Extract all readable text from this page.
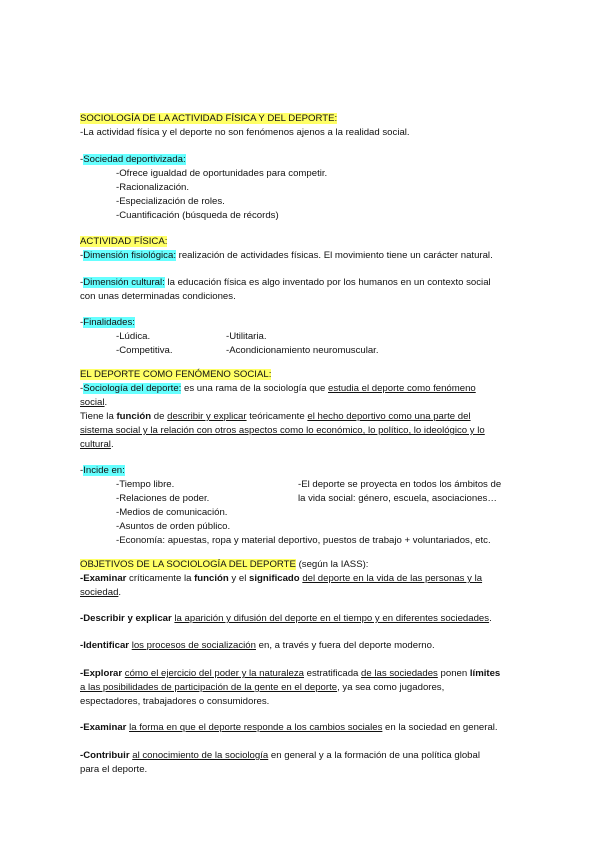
SOCIOLOGÍA DE LA ACTIVIDAD FÍSICA Y DEL DEPORTE:
-La actividad física y el deporte no son fenómenos ajenos a la realidad social.
-Sociedad deportivizada:
-Ofrece igualdad de oportunidades para competir.
-Racionalización.
-Especialización de roles.
-Cuantificación (búsqueda de récords)
ACTIVIDAD FÍSICA:
-Dimensión fisiológica: realización de actividades físicas. El movimiento tiene un carácter natural.
-Dimensión cultural: la educación física es algo inventado por los humanos en un contexto social
con unas determinadas condiciones.
-Finalidades:
-Lúdica.	-Utilitaria.
-Competitiva.	-Acondicionamiento neuromuscular.
EL DEPORTE COMO FENÓMENO SOCIAL:
-Sociología del deporte: es una rama de la sociología que estudia el deporte como fenómeno
social.
Tiene la función de describir y explicar teóricamente el hecho deportivo como una parte del
sistema social y la relación con otros aspectos como lo económico, lo político, lo ideológico y lo
cultural.
-Incide en:
-Tiempo libre.	-El deporte se proyecta en todos los ámbitos de
-Relaciones de poder.	la vida social: género, escuela, asociaciones…
-Medios de comunicación.
-Asuntos de orden público.
-Economía: apuestas, ropa y material deportivo, puestos de trabajo + voluntariados, etc.
OBJETIVOS DE LA SOCIOLOGÍA DEL DEPORTE (según la IASS):
-Examinar críticamente la función y el significado del deporte en la vida de las personas y la
sociedad.
-Describir y explicar la aparición y difusión del deporte en el tiempo y en diferentes sociedades.
-Identificar los procesos de socialización en, a través y fuera del deporte moderno.
-Explorar cómo el ejercicio del poder y la naturaleza estratificada de las sociedades ponen límites
a las posibilidades de participación de la gente en el deporte, ya sea como jugadores,
espectadores, trabajadores o consumidores.
-Examinar la forma en que el deporte responde a los cambios sociales en la sociedad en general.
-Contribuir al conocimiento de la sociología en general y a la formación de una política global
para el deporte.
